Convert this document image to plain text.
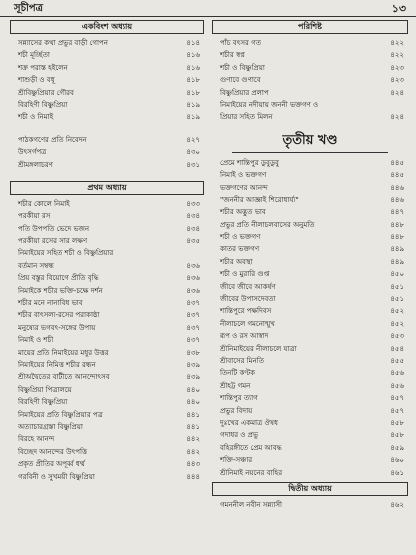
সূচীপত্র	১৩
একবিংশ অধ্যায়
সন্ন্যাসের কথা প্রভুর বাড়ী গোপন	৪১৪
শচী মূর্চ্ছিতা	৪১৬
শক্র পরাস্ত হইলেন	৪১৬
শাশুড়ী ও বধূ	৪১৮
শ্রীবিষ্ণুপ্রিয়ার গৌরব	৪১৮
বিরহিণী বিষ্ণুপ্রিয়া	৪১৯
শচী ও নিমাই	৪১৯
পাঠকগণের প্রতি নিবেদন	৪২৭
উৎসর্গপত্র	৪৩০
শ্রীমঙ্গলাচরণ	৪৩১
প্রথম অধ্যায়
শচীর কোলে নিমাই	৪৩৩
পরকীয়া রস	৪৩৪
পতি উপপতি ভেদে ভজন	৪৩৪
পরকীয়া রসের সার লক্ষণ	৪৩৫
নিমাইয়ের সহিত শচী ও বিষ্ণুপ্রিয়ার
বর্তমান সম্বন্ধ	৪৩৬
প্রিয় বস্তুর বিয়োগে প্রীতি বৃদ্ধি	৪৩৬
নিমাইকে শচীর ভক্তি-চক্ষে দর্শন	৪৩৬
শচীর মনে নানাবিধ ভাব	৪৩৭
শচীর বাৎসল্য-রসের পরাকাষ্ঠা	৪৩৭
মনুষ্যের ভগবৎ-সঙ্গের উপায়	৪৩৭
নিমাই ও শচী	৪৩৭
মায়ের প্রতি নিমাইয়ের মধুর উত্তর	৪৩৮
নিমাইয়ের নিমিত্ত শচীর রন্ধন	৪৩৯
শ্রীঅদ্বৈতের বাটীতে আনন্দোৎসব	৪৩৯
বিষ্ণুপ্রিয়া পিত্রালয়ে	৪৪০
বিরহিণী বিষ্ণুপ্রিয়া	৪৪০
নিমাইয়ের প্রতি বিষ্ণুপ্রিয়ার পত্র	৪৪১
অত্যাচারগ্রস্তা বিষ্ণুপ্রিয়া	৪৪১
বিরহে আনন্দ	৪৪২
বিচ্ছেদ আনন্দের উৎপত্তি	৪৪২
প্রকৃত প্রীতির অপূর্ব্ব ধর্ম্ম	৪৪৩
গরবিনী ও সুখময়ী বিষ্ণুপ্রিয়া	৪৪৪
পরিশিষ্ট
পাঁচ বৎসর গত	৪২২
শচীর স্বপ্ন	৪২২
শচী ও বিষ্ণুপ্রিয়া	৪২৩
গুণাবে গুণাবে	৪২৩
বিষ্ণুপ্রিয়ার প্রলাপ	৪২৪
নিমাইয়ের নদীয়ায় জননী ভক্তগণ ও
প্রিয়ার সহিত মিলন	৪২৪
তৃতীয় খণ্ড
প্রেমে শান্তিপুর ডুবুডুবু	৪৪৫
নিমাই ও ভক্তগণ	৪৪৫
ভক্তগণের আনন্দ	৪৪৬
"জননীর আজ্ঞাই শিরোধার্য্য"	৪৪৬
শচীর অদ্ভুত ভাব	৪৪৭
প্রভুর প্রতি নীলাচলবাসের অনুমতি	৪৪৮
শচী ও ভক্তগণ	৪৪৮
কাতর ভক্তগণ	৪৪৯
শচীর অবস্থা	৪৪৯
শচী ও মুরারি গুপ্ত	৪৫০
জীবে জীবে আকর্ষণ	৪৫১
জীবের উপাসদেবতা	৪৫১
শান্তিপুরে পক্ষদিবস	৪৫২
নীলাচলে গমনোন্মুখ	৪৫২
রূপ ও রস আস্বাদ	৪৫৩
শ্রীনিমাইয়ের নীলাচলে যাত্রা	৪৫৪
শ্রীবাসের মিনতি	৪৫৫
তিনটি কণ্টক	৪৫৬
শ্রীহট্ট গমন	৪৫৬
শান্তিপুর ত্যাগ	৪৫৭
প্রভুর বিদায়	৪৫৭
দুঃখের একমাত্র ঔষধ	৪৫৮
গদাধর ও প্রভু	৪৫৮
বহিরঙ্গীতে প্রেম আবদ্ধ	৪৫৯
শক্তি-সঞ্চার	৪৬০
শ্রীনিমাই নয়নের বাহির	৪৬১
দ্বিতীয় অধ্যায়
গমননীল নবীন সন্ন্যাসী	৪৬২
